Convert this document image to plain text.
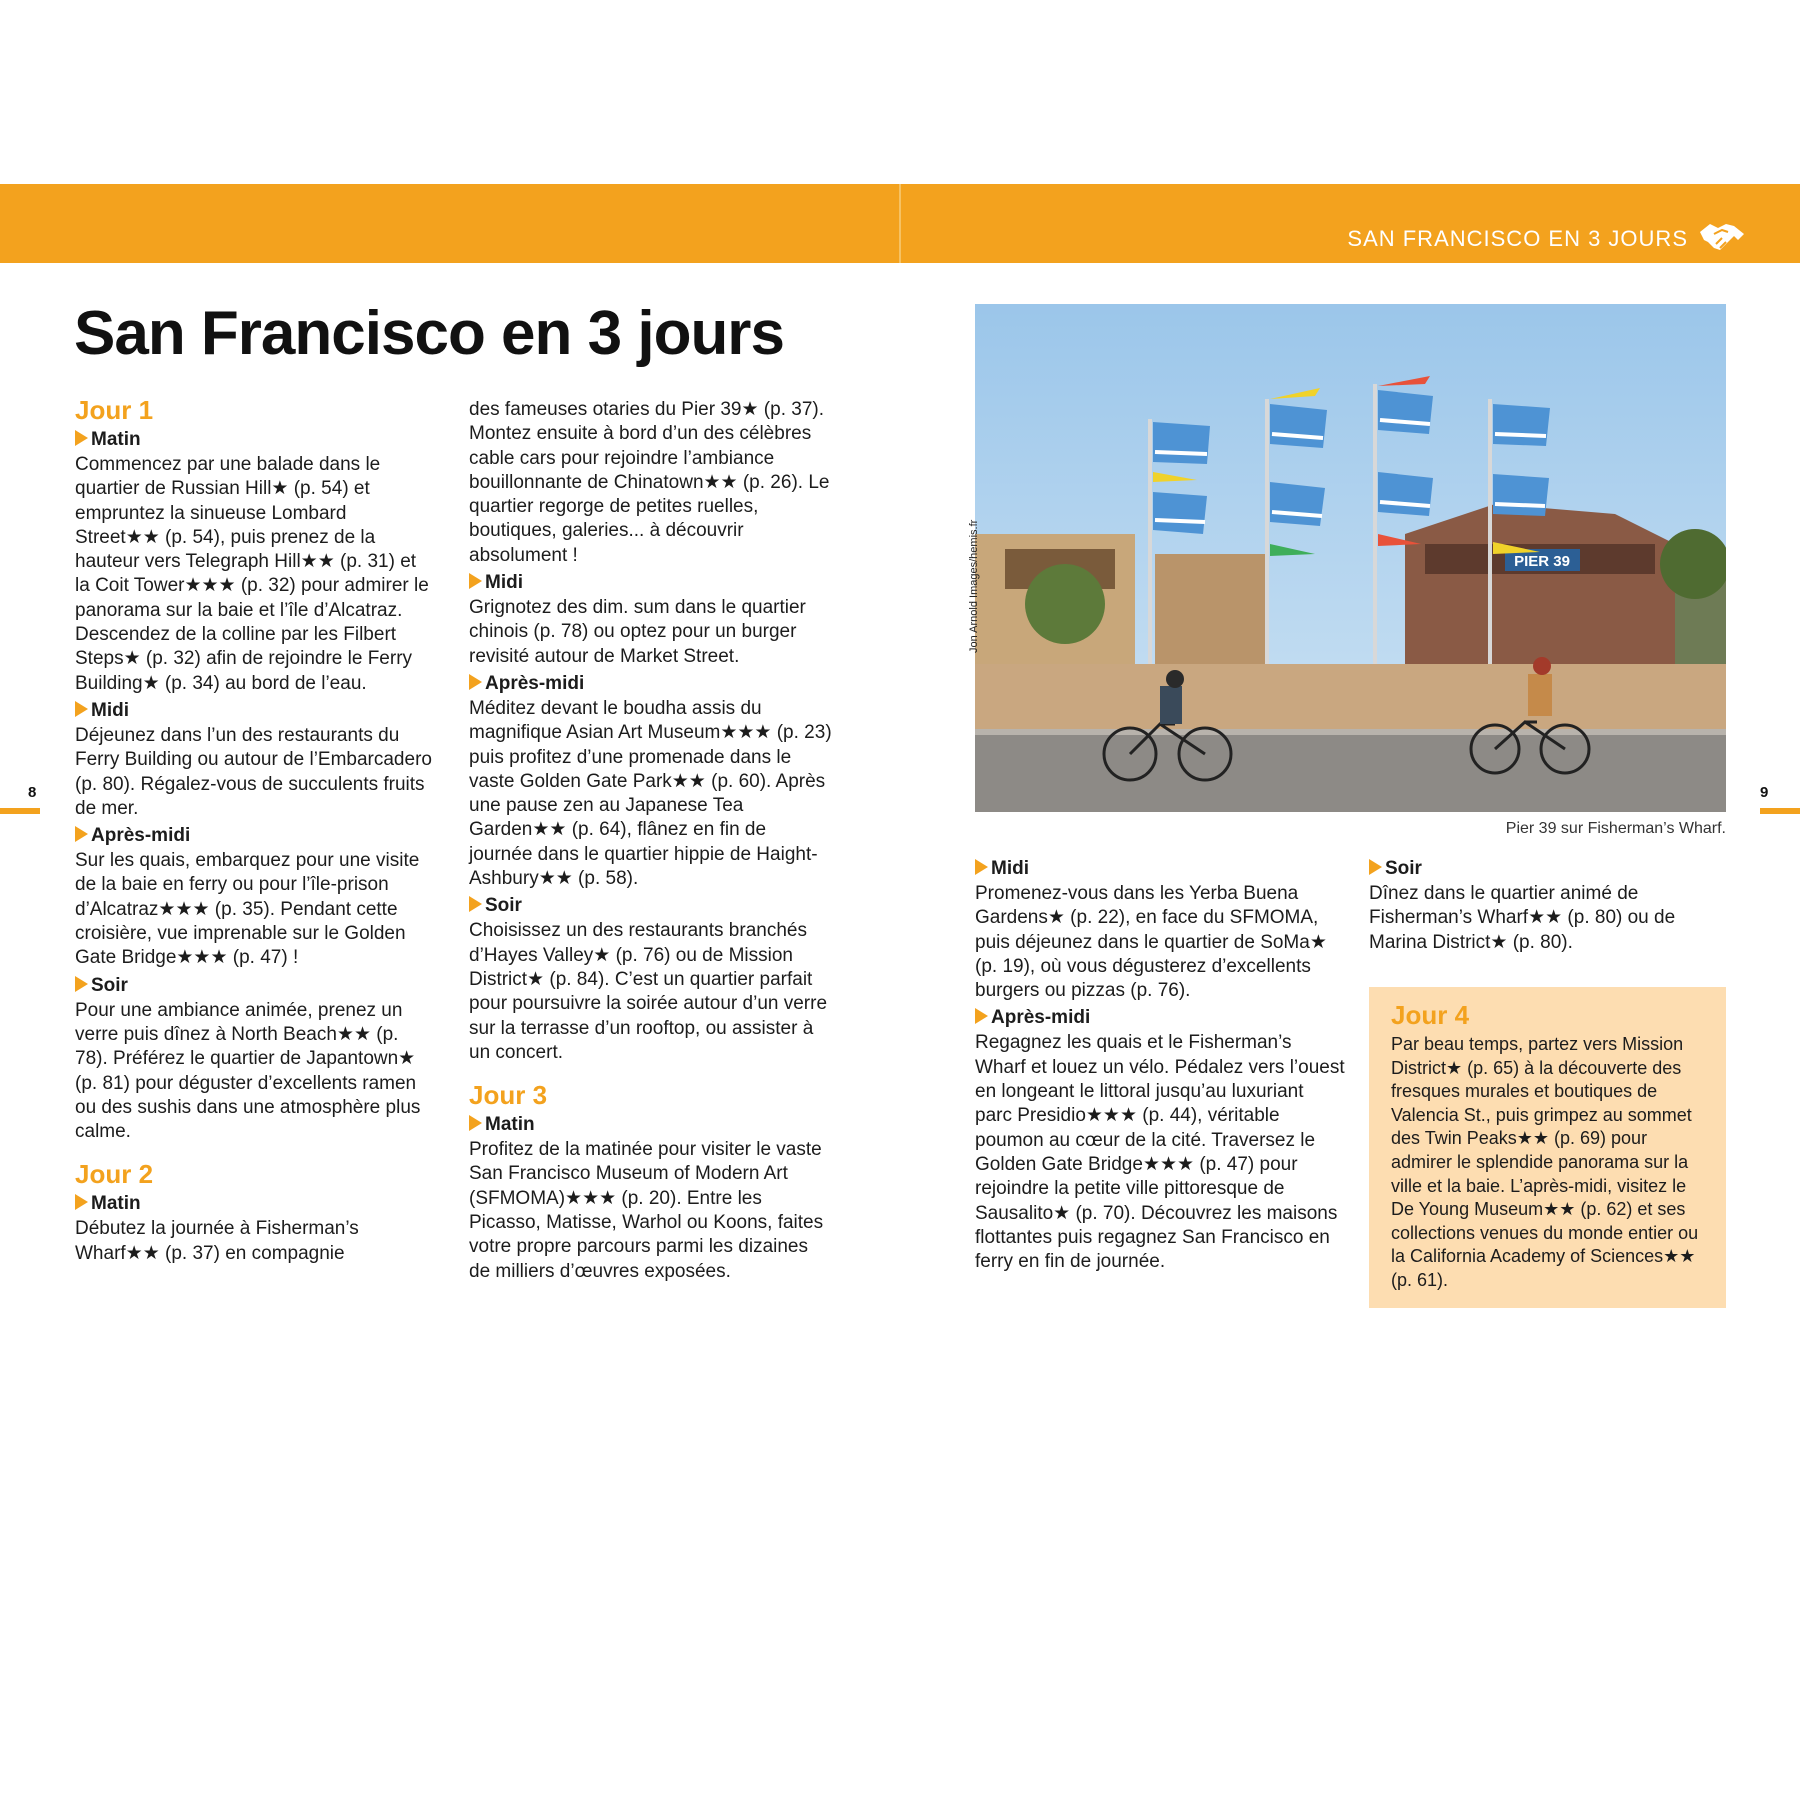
SAN FRANCISCO EN 3 JOURS
San Francisco en 3 jours
Jour 1
Matin
Commencez par une balade dans le quartier de Russian Hill★ (p. 54) et empruntez la sinueuse Lombard Street★★ (p. 54), puis prenez de la hauteur vers Telegraph Hill★★ (p. 31) et la Coit Tower★★★ (p. 32) pour admirer le panorama sur la baie et l’île d’Alcatraz. Descendez de la colline par les Filbert Steps★ (p. 32) afin de rejoindre le Ferry Building★ (p. 34) au bord de l’eau.
Midi
Déjeunez dans l’un des restaurants du Ferry Building ou autour de l’Embarcadero (p. 80). Régalez-vous de succulents fruits de mer.
Après-midi
Sur les quais, embarquez pour une visite de la baie en ferry ou pour l’île-prison d’Alcatraz★★★ (p. 35). Pendant cette croisière, vue imprenable sur le Golden Gate Bridge★★★ (p. 47) !
Soir
Pour une ambiance animée, prenez un verre puis dînez à North Beach★★ (p. 78). Préférez le quartier de Japantown★ (p. 81) pour déguster d’excellents ramen ou des sushis dans une atmosphère plus calme.
Jour 2
Matin
Débutez la journée à Fisherman’s Wharf★★ (p. 37) en compagnie
des fameuses otaries du Pier 39★ (p. 37). Montez ensuite à bord d’un des célèbres cable cars pour rejoindre l’ambiance bouillonnante de Chinatown★★ (p. 26). Le quartier regorge de petites ruelles, boutiques, galeries... à découvrir absolument !
Midi
Grignotez des dim. sum dans le quartier chinois (p. 78) ou optez pour un burger revisité autour de Market Street.
Après-midi
Méditez devant le boudha assis du magnifique Asian Art Museum★★★ (p. 23) puis profitez d’une promenade dans le vaste Golden Gate Park★★ (p. 60). Après une pause zen au Japanese Tea Garden★★ (p. 64), flânez en fin de journée dans le quartier hippie de Haight-Ashbury★★ (p. 58).
Soir
Choisissez un des restaurants branchés d’Hayes Valley★ (p. 76) ou de Mission District★ (p. 84). C’est un quartier parfait pour poursuivre la soirée autour d’un verre sur la terrasse d’un rooftop, ou assister à un concert.
Jour 3
Matin
Profitez de la matinée pour visiter le vaste San Francisco Museum of Modern Art (SFMOMA)★★★ (p. 20). Entre les Picasso, Matisse, Warhol ou Koons, faites votre propre parcours parmi les dizaines de milliers d’œuvres exposées.
PIER 39
Jon Arnold Images/hemis.fr
Pier 39 sur Fisherman’s Wharf.
Midi
Promenez-vous dans les Yerba Buena Gardens★ (p. 22), en face du SFMOMA, puis déjeunez dans le quartier de SoMa★ (p. 19), où vous dégusterez d’excellents burgers ou pizzas (p. 76).
Après-midi
Regagnez les quais et le Fisherman’s Wharf et louez un vélo. Pédalez vers l’ouest en longeant le littoral jusqu’au luxuriant parc Presidio★★★ (p. 44), véritable poumon au cœur de la cité. Traversez le Golden Gate Bridge★★★ (p. 47) pour rejoindre la petite ville pittoresque de Sausalito★ (p. 70). Découvrez les maisons flottantes puis regagnez San Francisco en ferry en fin de journée.
Soir
Dînez dans le quartier animé de Fisherman’s Wharf★★ (p. 80) ou de Marina District★ (p. 80).
Jour 4
Par beau temps, partez vers Mission District★ (p. 65) à la découverte des fresques murales et boutiques de Valencia St., puis grimpez au sommet des Twin Peaks★★ (p. 69) pour admirer le splendide panorama sur la ville et la baie. L’après-midi, visitez le De Young Museum★★ (p. 62) et ses collections venues du monde entier ou la California Academy of Sciences★★ (p. 61).
8	9
